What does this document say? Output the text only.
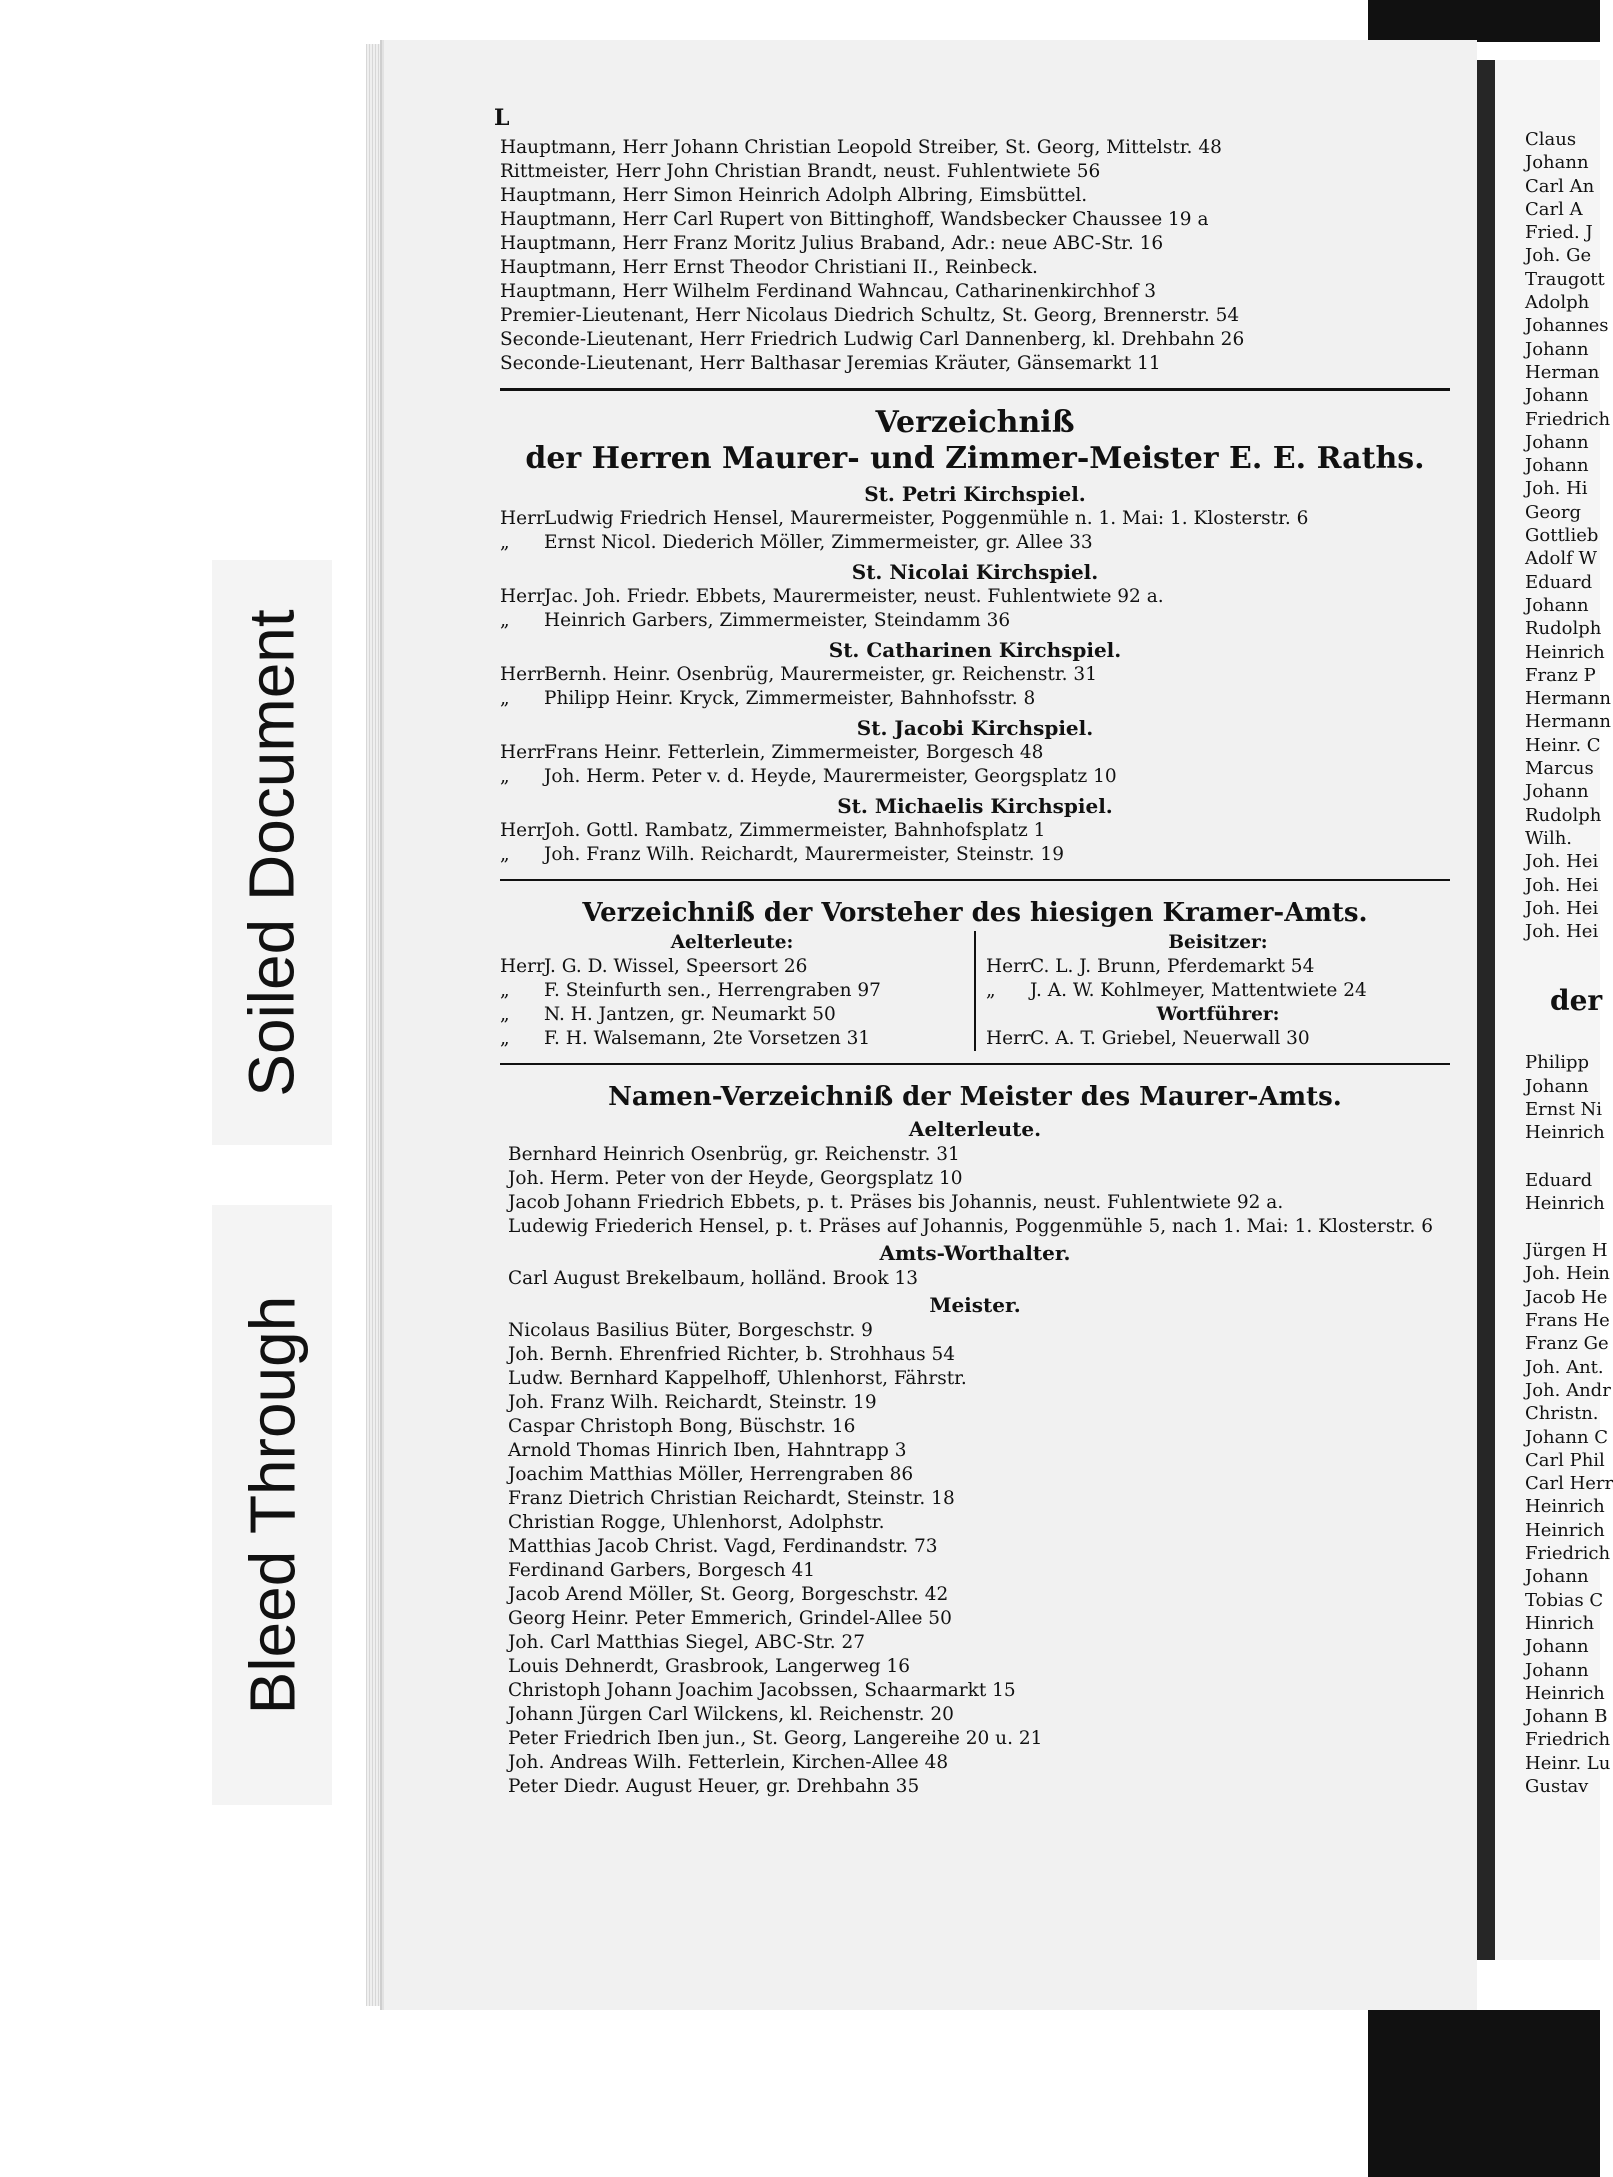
Soiled Document
Bleed Through
L
Hauptmann, Herr Johann Christian Leopold Streiber, St. Georg, Mittelstr. 48
Rittmeister, Herr John Christian Brandt, neust. Fuhlentwiete 56
Hauptmann, Herr Simon Heinrich Adolph Albring, Eimsbüttel.
Hauptmann, Herr Carl Rupert von Bittinghoff, Wandsbecker Chaussee 19 a
Hauptmann, Herr Franz Moritz Julius Braband, Adr.: neue ABC-Str. 16
Hauptmann, Herr Ernst Theodor Christiani II., Reinbeck.
Hauptmann, Herr Wilhelm Ferdinand Wahncau, Catharinenkirchhof 3
Premier-Lieutenant, Herr Nicolaus Diedrich Schultz, St. Georg, Brennerstr. 54
Seconde-Lieutenant, Herr Friedrich Ludwig Carl Dannenberg, kl. Drehbahn 26
Seconde-Lieutenant, Herr Balthasar Jeremias Kräuter, Gänsemarkt 11
Verzeichniß
der Herren Maurer- und Zimmer-Meister E. E. Raths.
St. Petri Kirchspiel.
Herr Ludwig Friedrich Hensel, Maurermeister, Poggenmühle n. 1. Mai: 1. Klosterstr. 6
„	Ernst Nicol. Diederich Möller, Zimmermeister, gr. Allee 33
St. Nicolai Kirchspiel.
Herr Jac. Joh. Friedr. Ebbets, Maurermeister, neust. Fuhlentwiete 92 a.
„	Heinrich Garbers, Zimmermeister, Steindamm 36
St. Catharinen Kirchspiel.
Herr Bernh. Heinr. Osenbrüg, Maurermeister, gr. Reichenstr. 31
„	Philipp Heinr. Kryck, Zimmermeister, Bahnhofsstr. 8
St. Jacobi Kirchspiel.
Herr Frans Heinr. Fetterlein, Zimmermeister, Borgesch 48
„	Joh. Herm. Peter v. d. Heyde, Maurermeister, Georgsplatz 10
St. Michaelis Kirchspiel.
Herr Joh. Gottl. Rambatz, Zimmermeister, Bahnhofsplatz 1
„	Joh. Franz Wilh. Reichardt, Maurermeister, Steinstr. 19
Verzeichniß der Vorsteher des hiesigen Kramer-Amts.
Aelterleute:
Herr J. G. D. Wissel, Speersort 26
„	F. Steinfurth sen., Herrengraben 97
„	N. H. Jantzen, gr. Neumarkt 50
„	F. H. Walsemann, 2te Vorsetzen 31
Beisitzer:
Herr C. L. J. Brunn, Pferdemarkt 54
„	J. A. W. Kohlmeyer, Mattentwiete 24
Wortführer:
Herr C. A. T. Griebel, Neuerwall 30
Namen-Verzeichniß der Meister des Maurer-Amts.
Aelterleute.
Bernhard Heinrich Osenbrüg, gr. Reichenstr. 31
Joh. Herm. Peter von der Heyde, Georgsplatz 10
Jacob Johann Friedrich Ebbets, p. t. Präses bis Johannis, neust. Fuhlentwiete 92 a.
Ludewig Friederich Hensel, p. t. Präses auf Johannis, Poggenmühle 5, nach 1. Mai: 1. Klosterstr. 6
Amts-Worthalter.
Carl August Brekelbaum, holländ. Brook 13
Meister.
Nicolaus Basilius Büter, Borgeschstr. 9
Joh. Bernh. Ehrenfried Richter, b. Strohhaus 54
Ludw. Bernhard Kappelhoff, Uhlenhorst, Fährstr.
Joh. Franz Wilh. Reichardt, Steinstr. 19
Caspar Christoph Bong, Büschstr. 16
Arnold Thomas Hinrich Iben, Hahntrapp 3
Joachim Matthias Möller, Herrengraben 86
Franz Dietrich Christian Reichardt, Steinstr. 18
Christian Rogge, Uhlenhorst, Adolphstr.
Matthias Jacob Christ. Vagd, Ferdinandstr. 73
Ferdinand Garbers, Borgesch 41
Jacob Arend Möller, St. Georg, Borgeschstr. 42
Georg Heinr. Peter Emmerich, Grindel-Allee 50
Joh. Carl Matthias Siegel, ABC-Str. 27
Louis Dehnerdt, Grasbrook, Langerweg 16
Christoph Johann Joachim Jacobssen, Schaarmarkt 15
Johann Jürgen Carl Wilckens, kl. Reichenstr. 20
Peter Friedrich Iben jun., St. Georg, Langereihe 20 u. 21
Joh. Andreas Wilh. Fetterlein, Kirchen-Allee 48
Peter Diedr. August Heuer, gr. Drehbahn 35
Claus
Johann
Carl An
Carl A
Fried. J
Joh. Ge
Traugott
Adolph
Johannes
Johann
Herman
Johann
Friedrich
Johann
Johann
Joh. Hi
Georg
Gottlieb
Adolf W
Eduard
Johann
Rudolph
Heinrich
Franz P
Hermann
Hermann
Heinr. C
Marcus
Johann
Rudolph
Wilh.
Joh. Hei
Joh. Hei
Joh. Hei
Joh. Hei
der
Philipp
Johann
Ernst Ni
Heinrich
Eduard
Heinrich
Jürgen H
Joh. Hein
Jacob He
Frans He
Franz Ge
Joh. Ant.
Joh. Andr
Christn.
Johann C
Carl Phil
Carl Herr
Heinrich
Heinrich
Friedrich
Johann
Tobias C
Hinrich
Johann
Johann
Heinrich
Johann B
Friedrich
Heinr. Lu
Gustav
